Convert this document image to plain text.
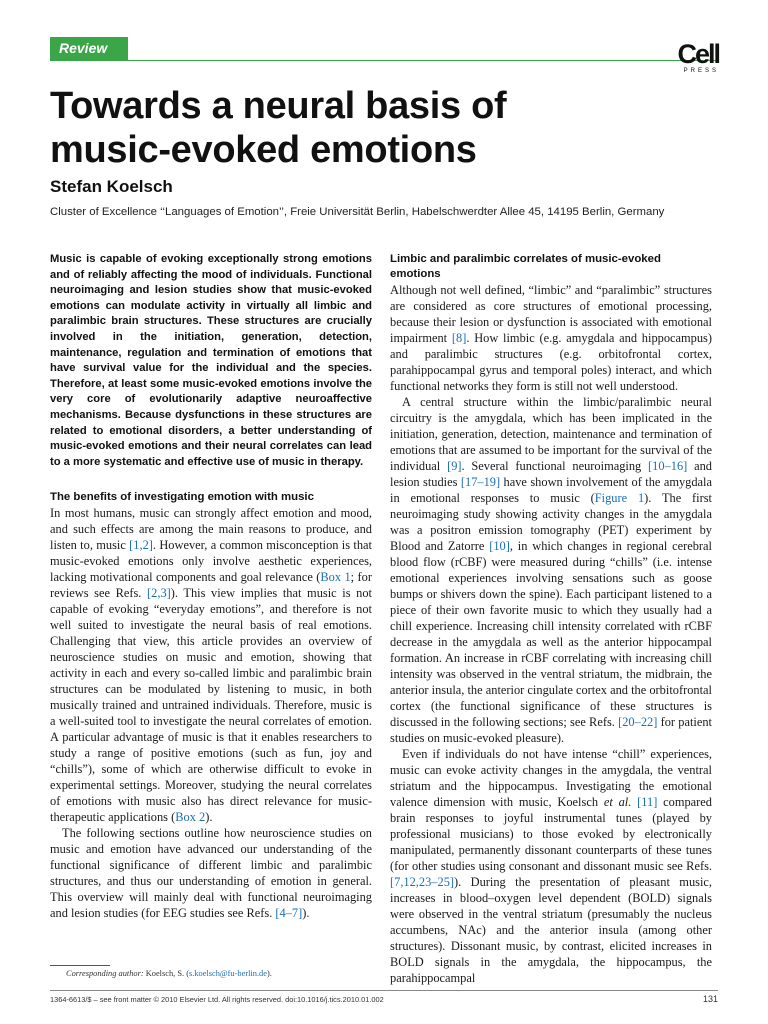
Review	Cell
PRESS
Towards a neural basis of
music-evoked emotions

Stefan Koelsch

Cluster of Excellence ‘‘Languages of Emotion’’, Freie Universität Berlin, Habelschwerdter Allee 45, 14195 Berlin, Germany

Music is capable of evoking exceptionally strong emotions and of reliably affecting the mood of individuals. Functional neuroimaging and lesion studies show that music-evoked emotions can modulate activity in virtually all limbic and paralimbic brain structures. These structures are crucially involved in the initiation, generation, detection, maintenance, regulation and termination of emotions that have survival value for the individual and the species. Therefore, at least some music-evoked emotions involve the very core of evolutionarily adaptive neuroaffective mechanisms. Because dysfunctions in these structures are related to emotional disorders, a better understanding of music-evoked emotions and their neural correlates can lead to a more systematic and effective use of music in therapy.

The benefits of investigating emotion with music

In most humans, music can strongly affect emotion and mood, and such effects are among the main reasons to produce, and listen to, music [1,2]. However, a common misconception is that music-evoked emotions only involve aesthetic experiences, lacking motivational components and goal relevance (Box 1; for reviews see Refs. [2,3]). This view implies that music is not capable of evoking “everyday emotions”, and therefore is not well suited to investigate the neural basis of real emotions. Challenging that view, this article provides an overview of neuroscience studies on music and emotion, showing that activity in each and every so-called limbic and paralimbic brain structures can be modulated by listening to music, in both musically trained and untrained individuals. Therefore, music is a well-suited tool to investigate the neural correlates of emotion. A particular advantage of music is that it enables researchers to study a range of positive emotions (such as fun, joy and “chills”), some of which are otherwise difficult to evoke in experimental settings. Moreover, studying the neural correlates of emotions with music also has direct relevance for music-therapeutic applications (Box 2).

The following sections outline how neuroscience studies on music and emotion have advanced our understanding of the functional significance of different limbic and paralimbic structures, and thus our understanding of emotion in general. This overview will mainly deal with functional neuroimaging and lesion studies (for EEG studies see Refs. [4–7]).

Limbic and paralimbic correlates of music-evoked emotions

Although not well defined, “limbic” and “paralimbic” structures are considered as core structures of emotional processing, because their lesion or dysfunction is associated with emotional impairment [8]. How limbic (e.g. amygdala and hippocampus) and paralimbic structures (e.g. orbitofrontal cortex, parahippocampal gyrus and temporal poles) interact, and which functional networks they form is still not well understood.

A central structure within the limbic/paralimbic neural circuitry is the amygdala, which has been implicated in the initiation, generation, detection, maintenance and termination of emotions that are assumed to be important for the survival of the individual [9]. Several functional neuroimaging [10–16] and lesion studies [17–19] have shown involvement of the amygdala in emotional responses to music (Figure 1). The first neuroimaging study showing activity changes in the amygdala was a positron emission tomography (PET) experiment by Blood and Zatorre [10], in which changes in regional cerebral blood flow (rCBF) were measured during “chills” (i.e. intense emotional experiences involving sensations such as goose bumps or shivers down the spine). Each participant listened to a piece of their own favorite music to which they usually had a chill experience. Increasing chill intensity correlated with rCBF decrease in the amygdala as well as the anterior hippocampal formation. An increase in rCBF correlating with increasing chill intensity was observed in the ventral striatum, the midbrain, the anterior insula, the anterior cingulate cortex and the orbitofrontal cortex (the functional significance of these structures is discussed in the following sections; see Refs. [20–22] for patient studies on music-evoked pleasure).

Even if individuals do not have intense “chill” experiences, music can evoke activity changes in the amygdala, the ventral striatum and the hippocampus. Investigating the emotional valence dimension with music, Koelsch et al. [11] compared brain responses to joyful instrumental tunes (played by professional musicians) to those evoked by electronically manipulated, permanently dissonant counterparts of these tunes (for other studies using consonant and dissonant music see Refs. [7,12,23–25]). During the presentation of pleasant music, increases in blood–oxygen level dependent (BOLD) signals were observed in the ventral striatum (presumably the nucleus accumbens, NAc) and the anterior insula (among other structures). Dissonant music, by contrast, elicited increases in BOLD signals in the amygdala, the hippocampus, the parahippocampal

Corresponding author: Koelsch, S. (s.koelsch@fu-berlin.de).

1364-6613/$ – see front matter © 2010 Elsevier Ltd. All rights reserved. doi:10.1016/j.tics.2010.01.002	131
